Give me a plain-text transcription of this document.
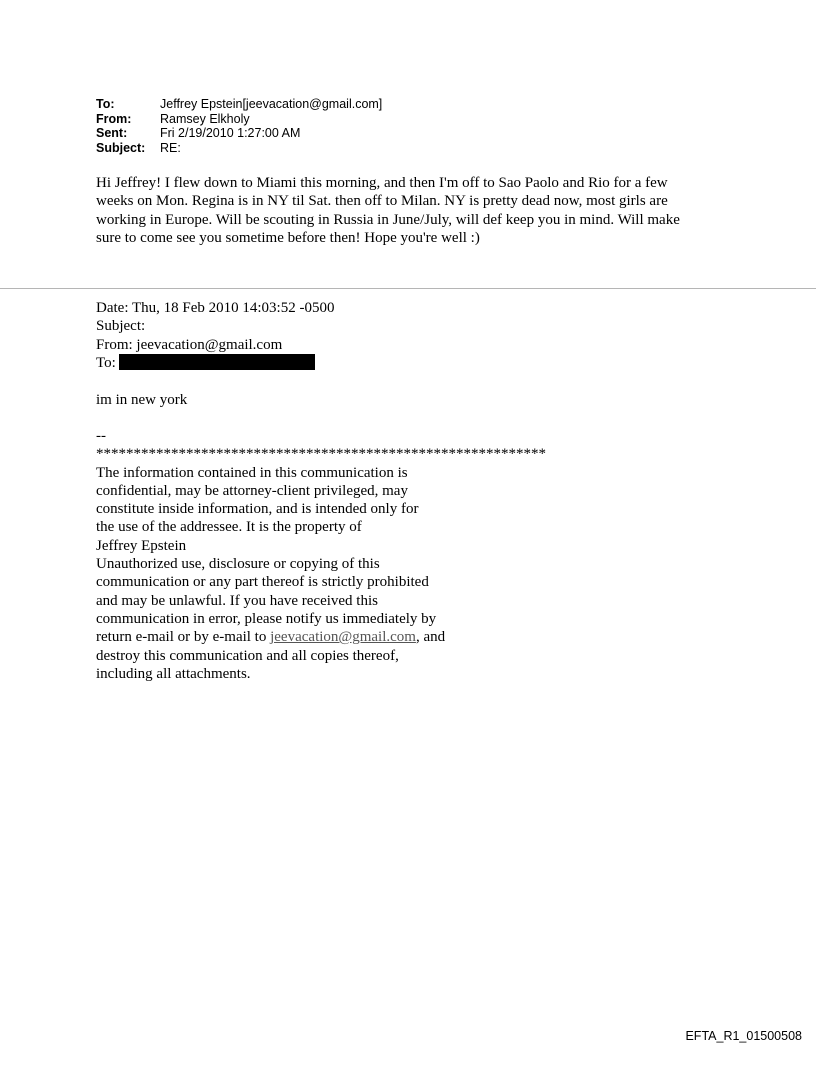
To:	Jeffrey Epstein[jeevacation@gmail.com]
From:	Ramsey Elkholy
Sent:	Fri 2/19/2010 1:27:00 AM
Subject:	RE:

Hi Jeffrey! I flew down to Miami this morning, and then I'm off to Sao Paolo and Rio for a few

weeks on Mon. Regina is in NY til Sat. then off to Milan. NY is pretty dead now, most girls are

working in Europe. Will be scouting in Russia in June/July, will def keep you in mind. Will make

sure to come see you sometime before then! Hope you're well :)

Date: Thu, 18 Feb 2010 14:03:52 -0500
Subject:
From: jeevacation@gmail.com
To:
im in new york
--
************************************************************
The information contained in this communication is
confidential, may be attorney-client privileged, may
constitute inside information, and is intended only for
the use of the addressee. It is the property of
Jeffrey Epstein
Unauthorized use, disclosure or copying of this
communication or any part thereof is strictly prohibited
and may be unlawful. If you have received this
communication in error, please notify us immediately by
return e-mail or by e-mail to jeevacation@gmail.com, and
destroy this communication and all copies thereof,
including all attachments.
EFTA_R1_01500508
